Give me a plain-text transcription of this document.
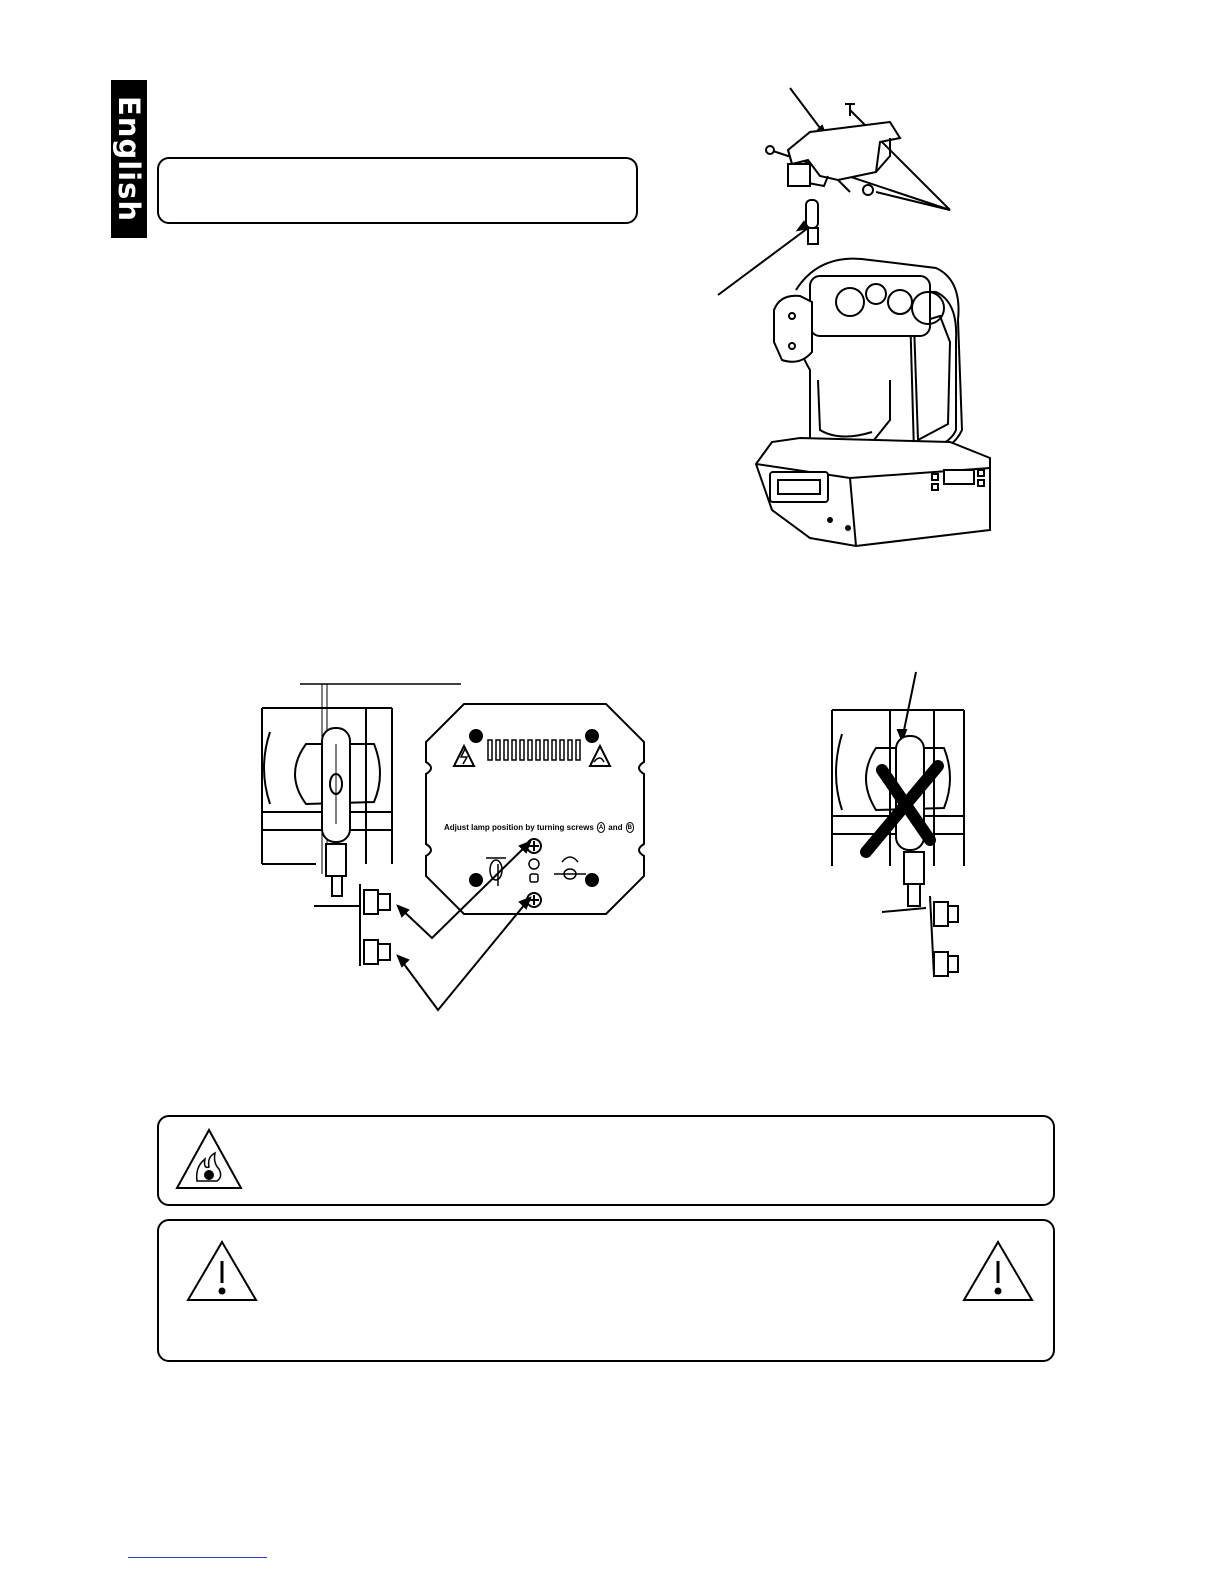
English
Adjust lamp position by turning screws A and B
